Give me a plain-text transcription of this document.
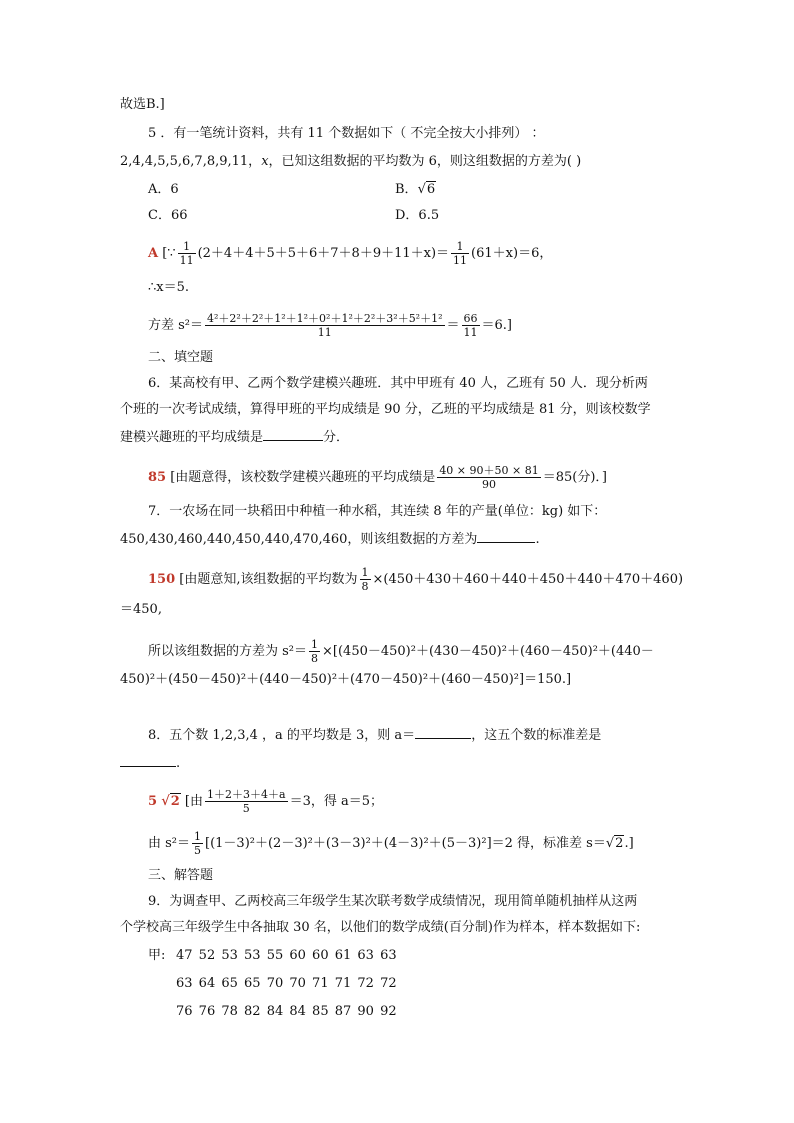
故选B.]
5 ．有一笔统计资料，共有 11 个数据如下（ 不完全按大小排列） ：
2,4,4,5,5,6,7,8,9,11，x，已知这组数据的平均数为 6，则这组数据的方差为( )
A．6	B．√6
C．66	D．6.5
A [∵ $\frac{1}{11} (2+4+4+5+5+6+7+8+9+11+x)= \frac{1}{11} (61+x)=6$，
∴x＝5.
方差 $s^2= \frac{\text{4²＋2²＋2²＋1²＋1²＋0²＋1²＋2²＋3²＋5²＋1²}}{11} = \frac{66}{11} =6$.]
二、填空题
6．某高校有甲、乙两个数学建模兴趣班．其中甲班有 40 人，乙班有 50 人．现分析两
个班的一次考试成绩，算得甲班的平均成绩是 90 分，乙班的平均成绩是 81 分，则该校数学
建模兴趣班的平均成绩是	分．
85 [由题意得，该校数学建模兴趣班的平均成绩是 $\frac{40 \times 90+50 \times 81}{90} =85$(分)．]
7．一农场在同一块稻田中种植一种水稻，其连续 8 年的产量(单位：kg) 如下：
450,430,460,440,450,440,470,460，则该组数据的方差为	.
150 [由题意知,该组数据的平均数为 $\frac{1}{8} \times(450+430+460+440+450+440+470+460)$
＝450,
所以该组数据的方差为 $s^2= \frac{1}{8} \times[(450-450)^2+(430-450)^2+(460-450)^2+(440-$
450)²＋(450－450)²＋(440－450)²＋(470－450)²＋(460－450)²]＝150.]
8．五个数 1,2,3,4 ，a 的平均数是 3，则 a＝	，这五个数的标准差是
.
5 √2 [由 $\frac{1+2+3+4+a}{5} =3$，得 a＝5；
由 $s^2= \frac{1}{5} [(1-3)^2+(2-3)^2+(3-3)^2+(4-3)^2+(5-3)^2]=2$ 得，标准差 s＝√2.]
三、解答题
9．为调查甲、乙两校高三年级学生某次联考数学成绩情况，现用简单随机抽样从这两
个学校高三年级学生中各抽取 30 名，以他们的数学成绩(百分制)作为样本，样本数据如下:
甲: 47 52 53 53 55 60 60 61 63 63
63 64 65 65 70 70 71 71 72 72
76 76 78 82 84 84 85 87 90 92
